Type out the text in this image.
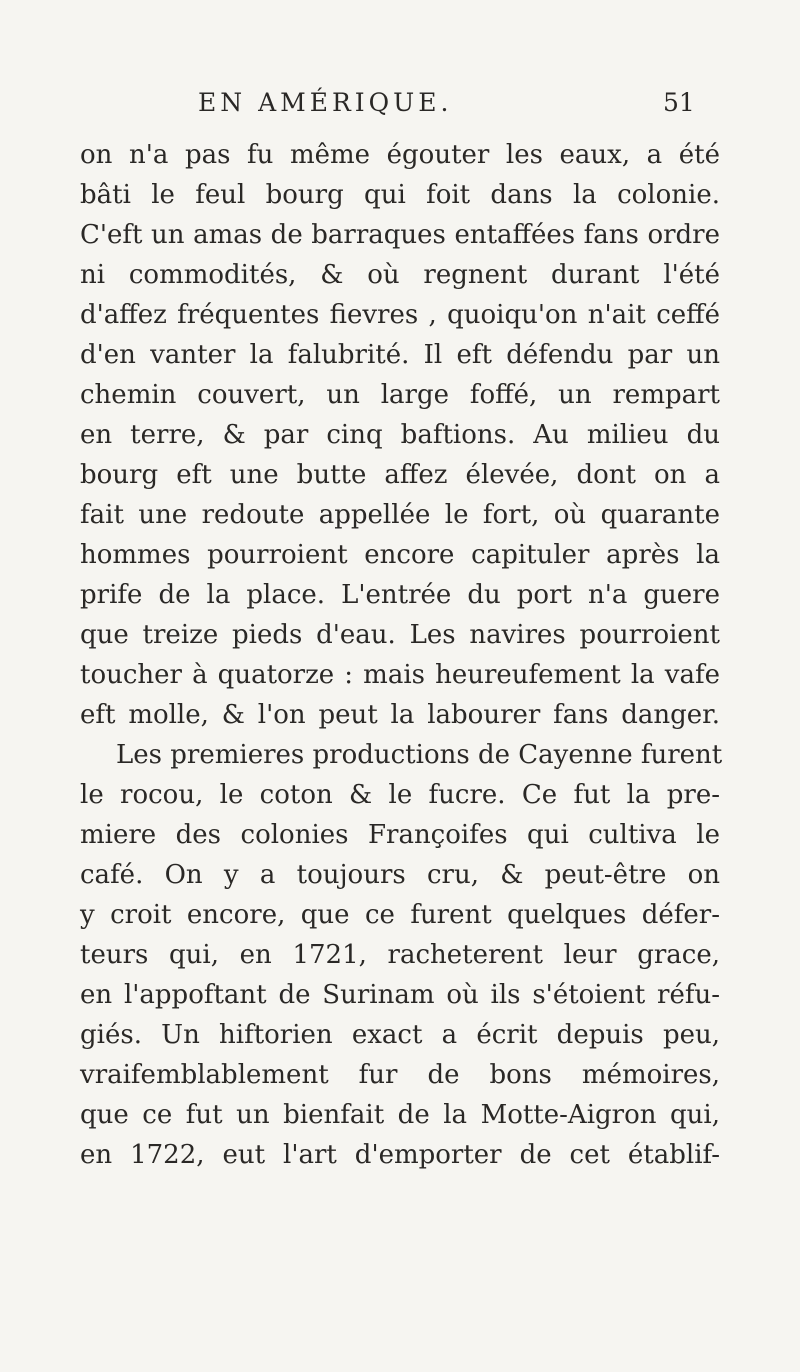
EN AMÉRIQUE.	51
on n'a pas fu même égouter les eaux, a été
bâti le feul bourg qui foit dans la colonie.
C'eft un amas de barraques entaffées fans ordre
ni commodités, & où regnent durant l'été
d'affez fréquentes fievres , quoiqu'on n'ait ceffé
d'en vanter la falubrité. Il eft défendu par un
chemin couvert, un large foffé, un rempart
en terre, & par cinq baftions. Au milieu du
bourg eft une butte affez élevée, dont on a
fait une redoute appellée le fort, où quarante
hommes pourroient encore capituler après la
prife de la place. L'entrée du port n'a guere
que treize pieds d'eau. Les navires pourroient
toucher à quatorze : mais heureufement la vafe
eft molle, & l'on peut la labourer fans danger.
Les premieres productions de Cayenne furent
le rocou, le coton & le fucre. Ce fut la pre-
miere des colonies Françoifes qui cultiva le
café. On y a toujours cru, & peut-être on
y croit encore, que ce furent quelques défer-
teurs qui, en 1721, racheterent leur grace,
en l'appoftant de Surinam où ils s'étoient réfu-
giés. Un hiftorien exact a écrit depuis peu,
vraifemblablement fur de bons mémoires,
que ce fut un bienfait de la Motte-Aigron qui,
en 1722, eut l'art d'emporter de cet établif-
